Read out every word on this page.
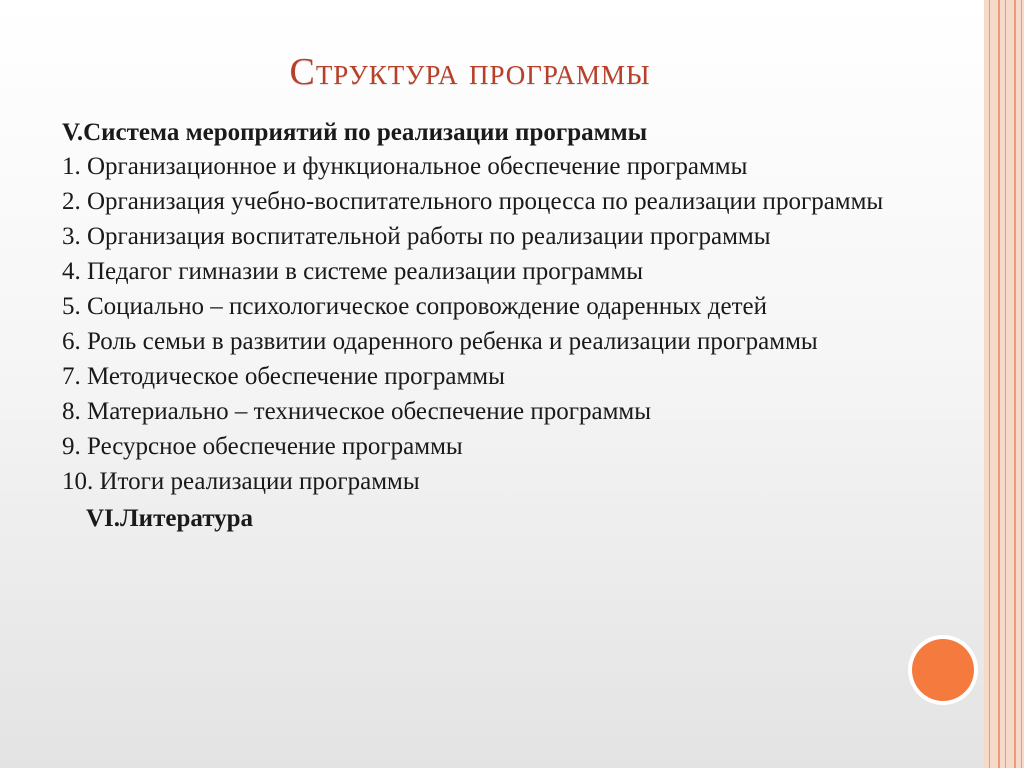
Структура программы
V.Система мероприятий по реализации программы
1. Организационное и функциональное обеспечение программы
2. Организация учебно-воспитательного процесса по реализации программы
3. Организация воспитательной работы по реализации программы
4. Педагог гимназии в системе реализации программы
5. Социально – психологическое сопровождение одаренных детей
6. Роль семьи в развитии одаренного ребенка и реализации программы
7. Методическое обеспечение программы
8. Материально – техническое обеспечение программы
9. Ресурсное обеспечение программы
10. Итоги реализации программы
VI.Литература
